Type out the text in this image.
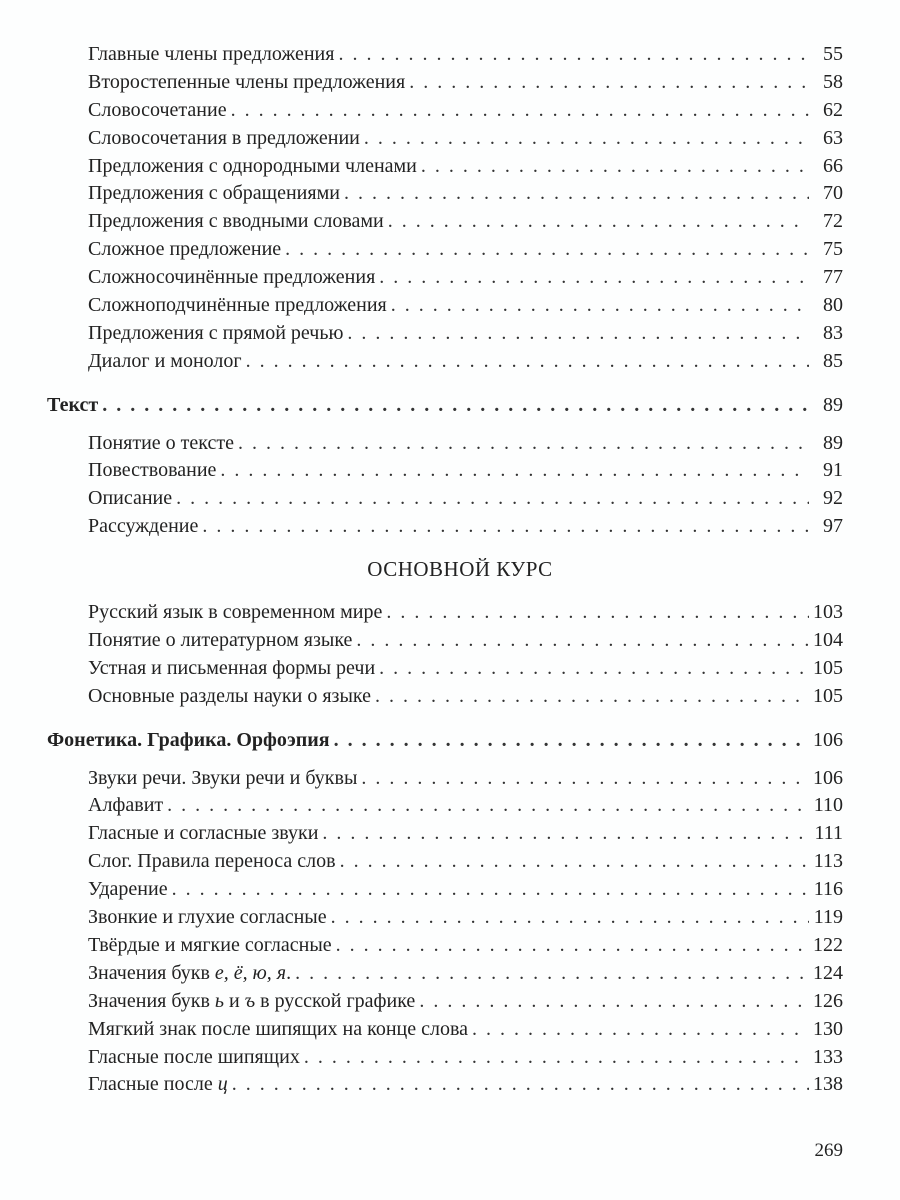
Главные члены предложения . . .	55
Второстепенные члены предложения . . .	58
Словосочетание . . .	62
Словосочетания в предложении . . .	63
Предложения с однородными членами . . .	66
Предложения с обращениями . . .	70
Предложения с вводными словами . . .	72
Сложное предложение . . .	75
Сложносочинённые предложения . . .	77
Сложноподчинённые предложения . . .	80
Предложения с прямой речью . . .	83
Диалог и монолог . . .	85
Текст . . .	89
Понятие о тексте . . .	89
Повествование . . .	91
Описание . . .	92
Рассуждение . . .	97
ОСНОВНОЙ КУРС
Русский язык в современном мире . . .	103
Понятие о литературном языке . . .	104
Устная и письменная формы речи . . .	105
Основные разделы науки о языке . . .	105
Фонетика. Графика. Орфоэпия . . .	106
Звуки речи. Звуки речи и буквы . . .	106
Алфавит . . .	110
Гласные и согласные звуки . . .	111
Слог. Правила переноса слов . . .	113
Ударение . . .	116
Звонкие и глухие согласные . . .	119
Твёрдые и мягкие согласные . . .	122
Значения букв е, ё, ю, я. . . .	124
Значения букв ь и ъ в русской графике . . .	126
Мягкий знак после шипящих на конце слова . . .	130
Гласные после шипящих . . .	133
Гласные после ц . . .	138
269
